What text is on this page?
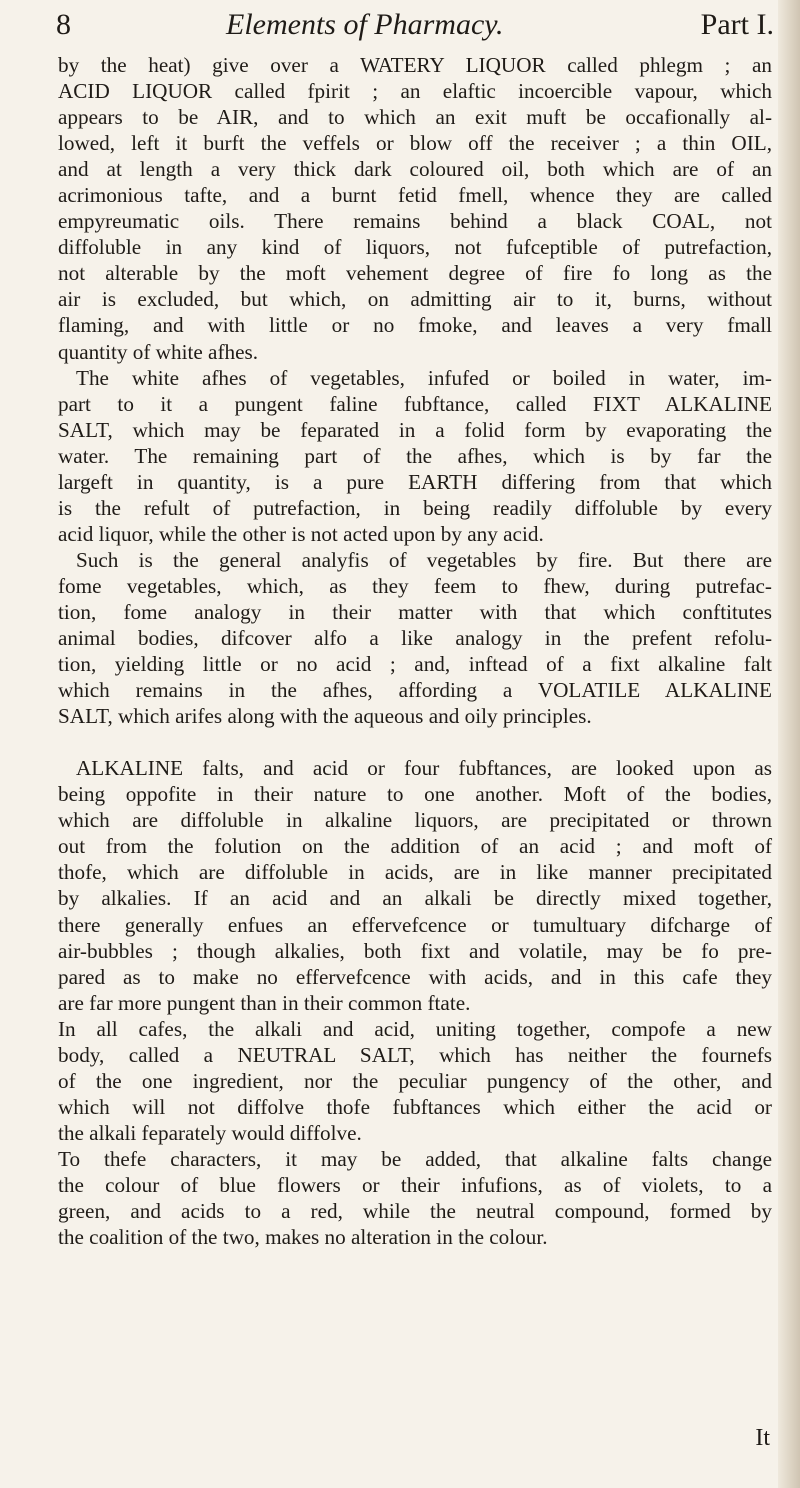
8	Elements of Pharmacy.	Part I.
by the heat) give over a WATERY LIQUOR called phlegm ; an
ACID LIQUOR called fpirit ; an elaftic incoercible vapour, which
appears to be AIR, and to which an exit muft be occafionally al-
lowed, left it burft the veffels or blow off the receiver ; a thin OIL,
and at length a very thick dark coloured oil, both which are of an
acrimonious tafte, and a burnt fetid fmell, whence they are called
empyreumatic oils. There remains behind a black COAL, not
diffoluble in any kind of liquors, not fufceptible of putrefaction,
not alterable by the moft vehement degree of fire fo long as the
air is excluded, but which, on admitting air to it, burns, without
flaming, and with little or no fmoke, and leaves a very fmall
quantity of white afhes.
The white afhes of vegetables, infufed or boiled in water, im-
part to it a pungent faline fubftance, called FIXT ALKALINE
SALT, which may be feparated in a folid form by evaporating the
water. The remaining part of the afhes, which is by far the
largeft in quantity, is a pure EARTH differing from that which
is the refult of putrefaction, in being readily diffoluble by every
acid liquor, while the other is not acted upon by any acid.
Such is the general analyfis of vegetables by fire. But there are
fome vegetables, which, as they feem to fhew, during putrefac-
tion, fome analogy in their matter with that which conftitutes
animal bodies, difcover alfo a like analogy in the prefent refolu-
tion, yielding little or no acid ; and, inftead of a fixt alkaline falt
which remains in the afhes, affording a VOLATILE ALKALINE
SALT, which arifes along with the aqueous and oily principles.
ALKALINE falts, and acid or four fubftances, are looked upon as
being oppofite in their nature to one another. Moft of the bodies,
which are diffoluble in alkaline liquors, are precipitated or thrown
out from the folution on the addition of an acid ; and moft of
thofe, which are diffoluble in acids, are in like manner precipitated
by alkalies. If an acid and an alkali be directly mixed together,
there generally enfues an effervefcence or tumultuary difcharge of
air-bubbles ; though alkalies, both fixt and volatile, may be fo pre-
pared as to make no effervefcence with acids, and in this cafe they
are far more pungent than in their common ftate.
In all cafes, the alkali and acid, uniting together, compofe a new
body, called a NEUTRAL SALT, which has neither the fournefs
of the one ingredient, nor the peculiar pungency of the other, and
which will not diffolve thofe fubftances which either the acid or
the alkali feparately would diffolve.
To thefe characters, it may be added, that alkaline falts change
the colour of blue flowers or their infufions, as of violets, to a
green, and acids to a red, while the neutral compound, formed by
the coalition of the two, makes no alteration in the colour.
It
